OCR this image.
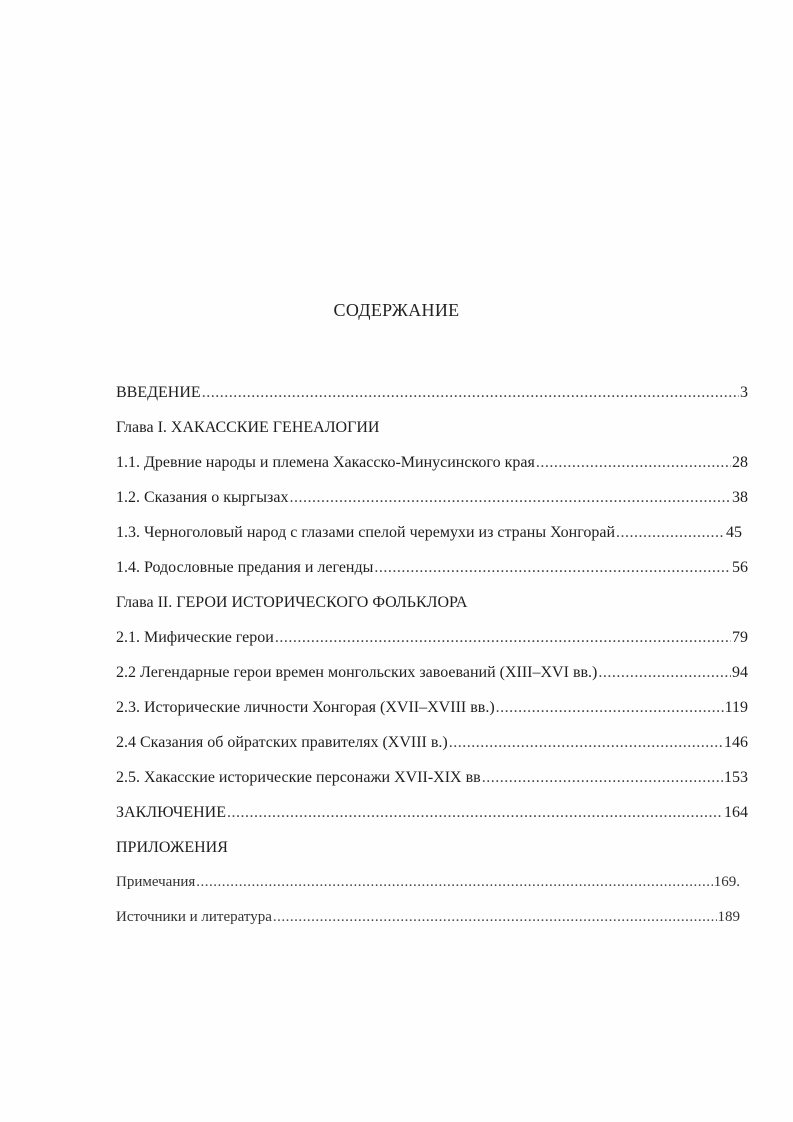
СОДЕРЖАНИЕ
ВВЕДЕНИЕ .....	3
Глава I. ХАКАССКИЕ ГЕНЕАЛОГИИ
1.1. Древние народы и племена Хакасско-Минусинского края .....	28
1.2. Сказания о кыргызах .....	38
1.3. Черноголовый народ с глазами спелой черемухи из страны Хонгорай .....	45
1.4. Родословные предания и легенды .....	56
Глава II. ГЕРОИ ИСТОРИЧЕСКОГО ФОЛЬКЛОРА
2.1. Мифические герои .....	79
2.2 Легендарные герои времен монгольских завоеваний (XIII–XVI вв.) .....	94
2.3. Исторические личности Хонгорая (XVII–XVIII вв.) .....	119
2.4 Сказания об ойратских правителях (XVIII в.) .....	146
2.5. Хакасские исторические персонажи XVII-XIX вв .....	153
ЗАКЛЮЧЕНИЕ .....	164
ПРИЛОЖЕНИЯ
Примечания .....	169.
Источники и литература .....	189
